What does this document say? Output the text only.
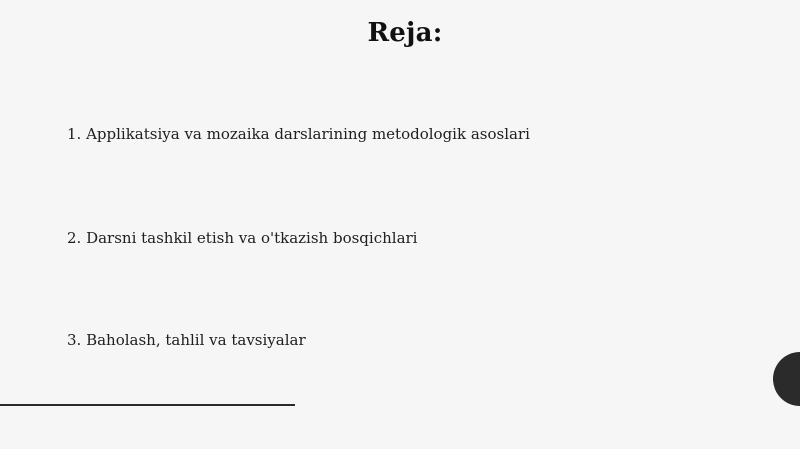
Reja:
1. Applikatsiya va mozaika darslarining metodologik asoslari
2. Darsni tashkil etish va o'tkazish bosqichlari
3. Baholash, tahlil va tavsiyalar
